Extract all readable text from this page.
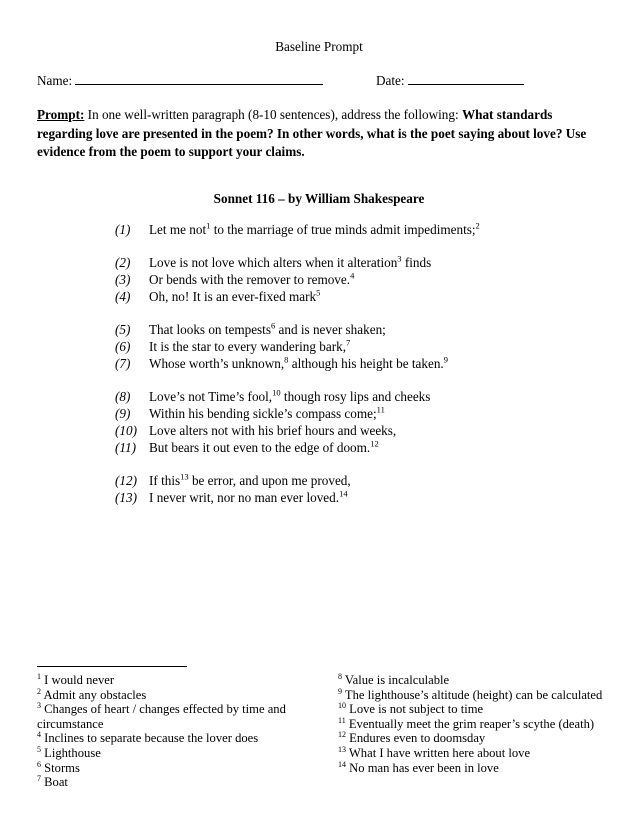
Baseline Prompt
Name:	Date:
Prompt: In one well-written paragraph (8-10 sentences), address the following: What standards regarding love are presented in the poem? In other words, what is the poet saying about love? Use evidence from the poem to support your claims.
Sonnet 116 – by William Shakespeare
(1) Let me not$^1$ to the marriage of true minds admit impediments;$^2$
(2) Love is not love which alters when it alteration$^3$ finds
(3) Or bends with the remover to remove.$^4$
(4) Oh, no! It is an ever-fixed mark$^5$
(5) That looks on tempests$^6$ and is never shaken;
(6) It is the star to every wandering bark,$^7$
(7) Whose worth’s unknown,$^8$ although his height be taken.$^9$
(8) Love’s not Time’s fool,$^{10}$ though rosy lips and cheeks
(9) Within his bending sickle’s compass come;$^{11}$
(10) Love alters not with his brief hours and weeks,
(11) But bears it out even to the edge of doom.$^{12}$
(12) If this$^{13}$ be error, and upon me proved,
(13) I never writ, nor no man ever loved.$^{14}$
$^1$ I would never
$^2$ Admit any obstacles
$^3$ Changes of heart / changes effected by time and circumstance
$^4$ Inclines to separate because the lover does
$^5$ Lighthouse
$^6$ Storms
$^7$ Boat
$^8$ Value is incalculable
$^9$ The lighthouse’s altitude (height) can be calculated
$^{10}$ Love is not subject to time
$^{11}$ Eventually meet the grim reaper’s scythe (death)
$^{12}$ Endures even to doomsday
$^{13}$ What I have written here about love
$^{14}$ No man has ever been in love
